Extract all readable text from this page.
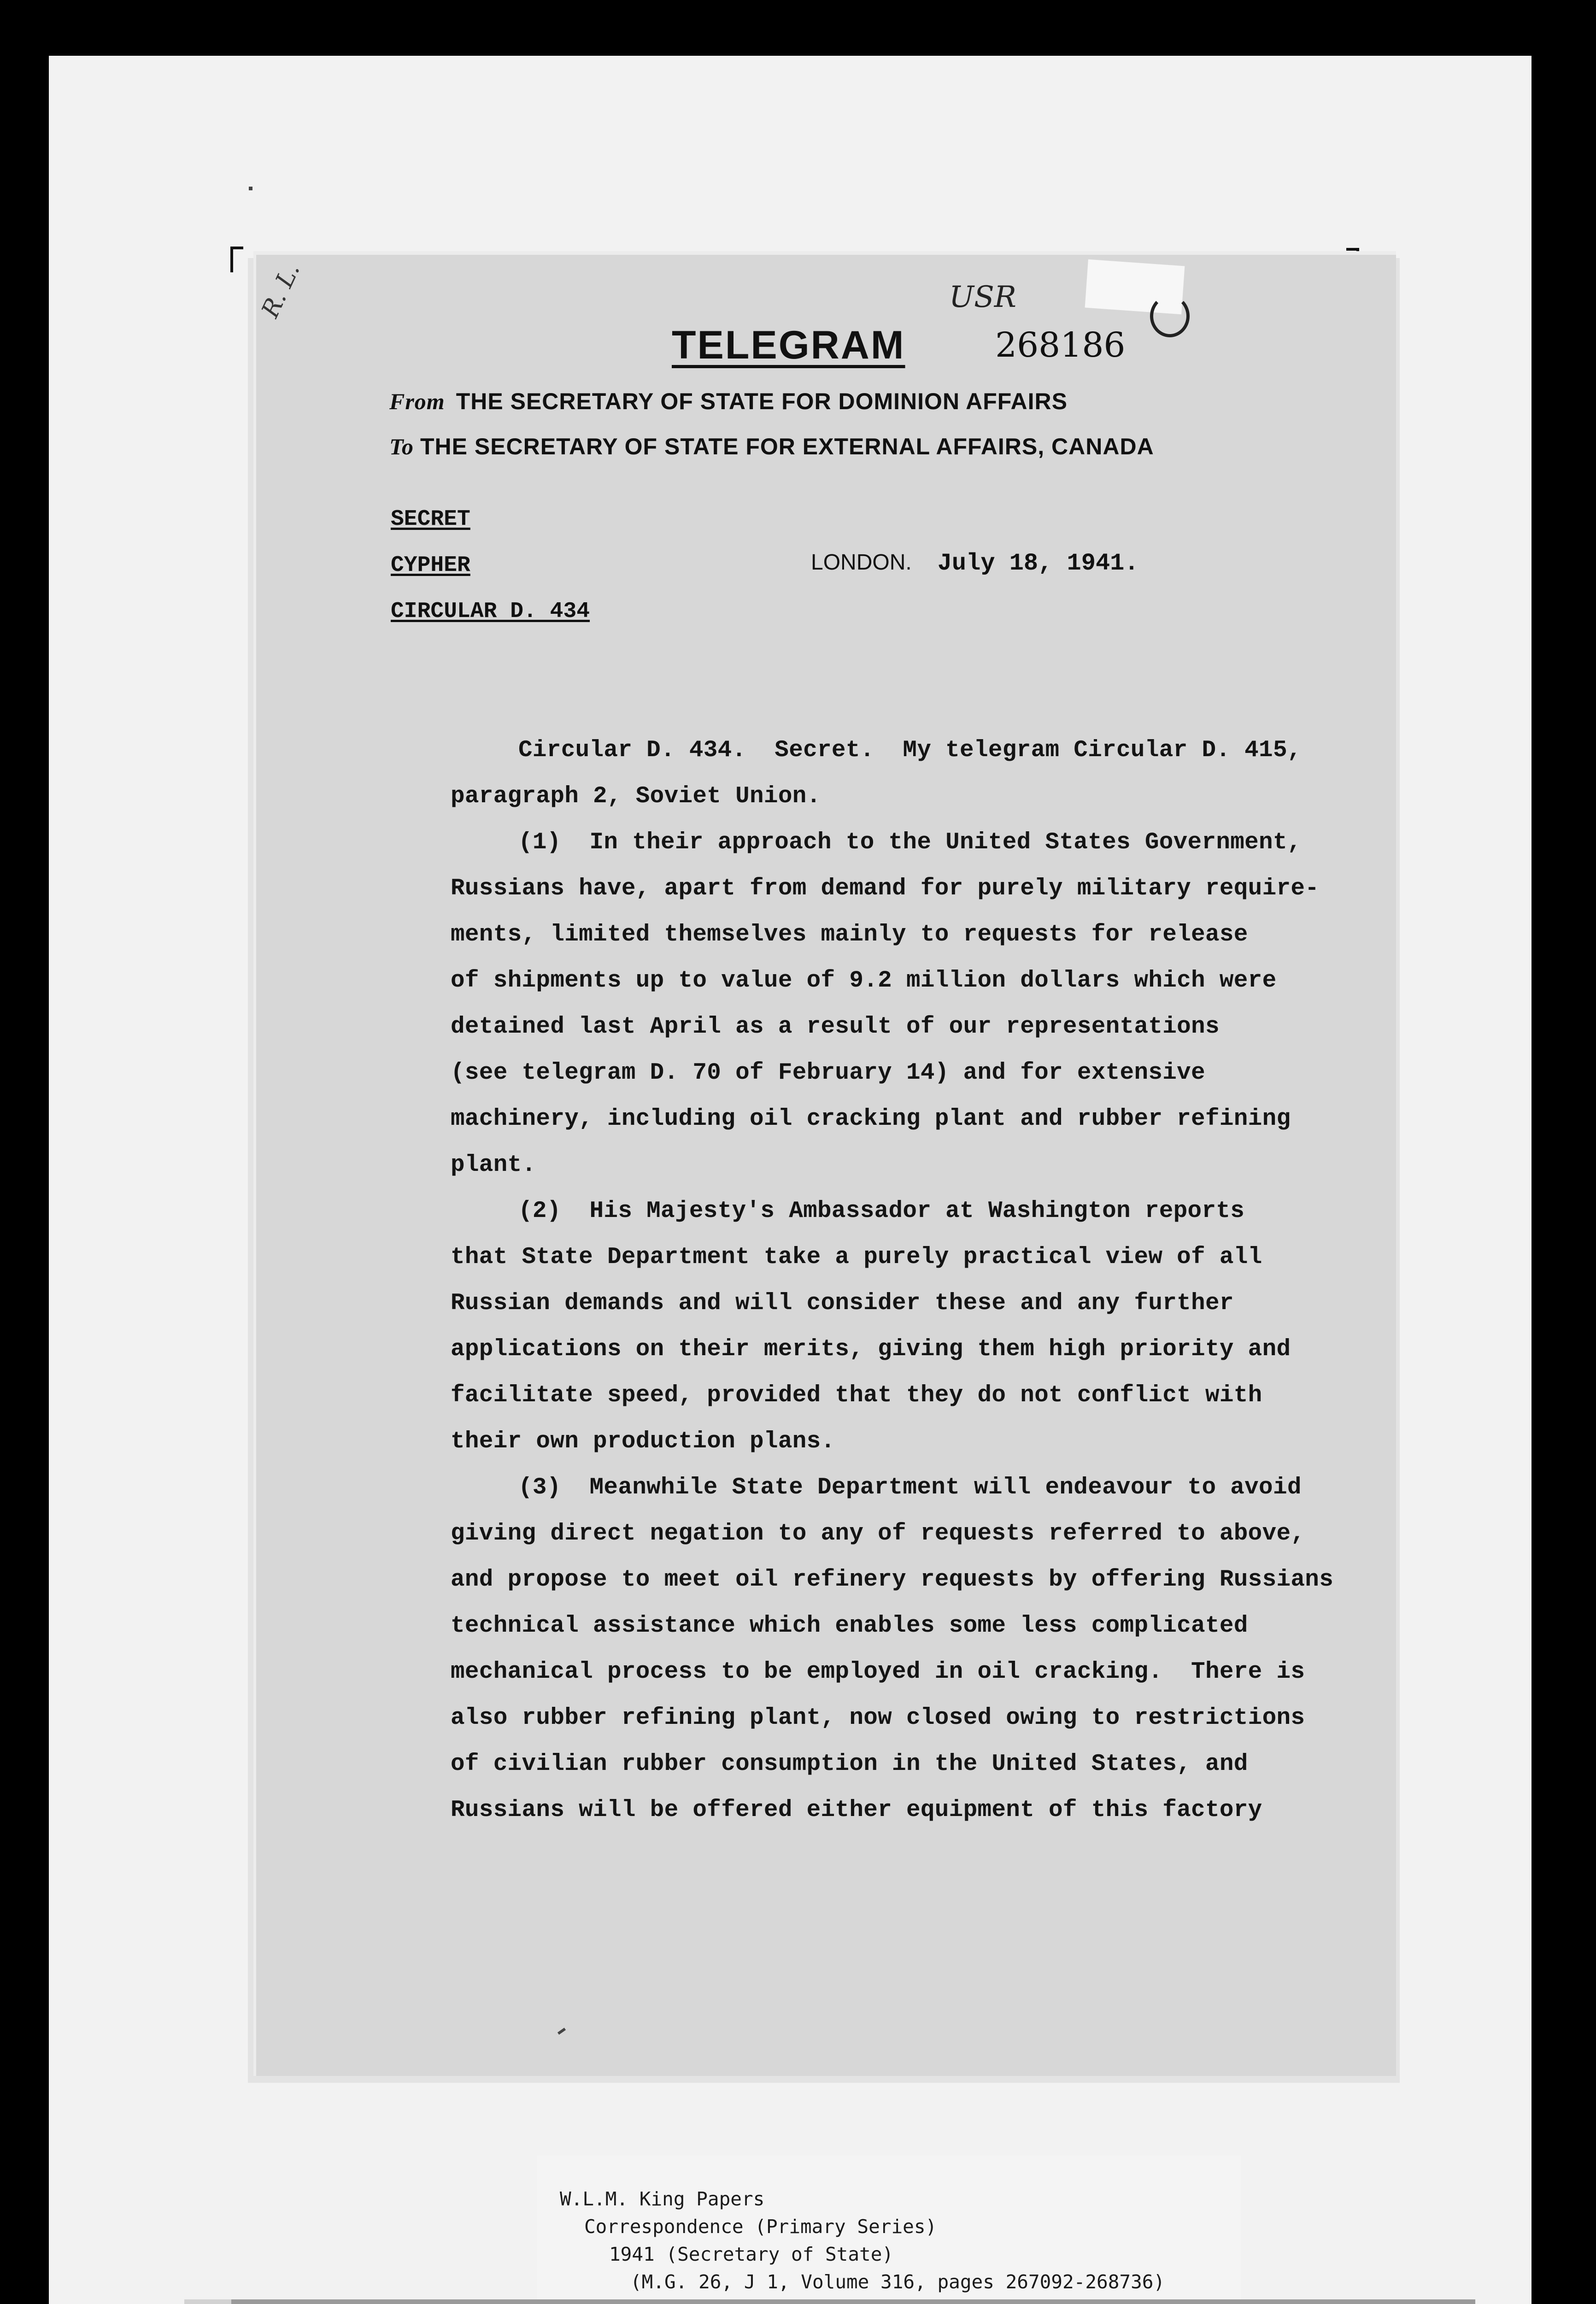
R. L.	USR
TELEGRAM	268186
From THE SECRETARY OF STATE FOR DOMINION AFFAIRS
To THE SECRETARY OF STATE FOR EXTERNAL AFFAIRS, CANADA
SECRET
CYPHER
CIRCULAR D. 434
LONDON. July 18, 1941.
Circular D. 434.  Secret.  My telegram Circular D. 415,
paragraph 2, Soviet Union.
(1)  In their approach to the United States Government,
Russians have, apart from demand for purely military require-
ments, limited themselves mainly to requests for release
of shipments up to value of 9.2 million dollars which were
detained last April as a result of our representations
(see telegram D. 70 of February 14) and for extensive
machinery, including oil cracking plant and rubber refining
plant.
(2)  His Majesty's Ambassador at Washington reports
that State Department take a purely practical view of all
Russian demands and will consider these and any further
applications on their merits, giving them high priority and
facilitate speed, provided that they do not conflict with
their own production plans.
(3)  Meanwhile State Department will endeavour to avoid
giving direct negation to any of requests referred to above,
and propose to meet oil refinery requests by offering Russians
technical assistance which enables some less complicated
mechanical process to be employed in oil cracking.  There is
also rubber refining plant, now closed owing to restrictions
of civilian rubber consumption in the United States, and
Russians will be offered either equipment of this factory
W.L.M. King Papers
Correspondence (Primary Series)
1941 (Secretary of State)
(M.G. 26, J 1, Volume 316, pages 267092-268736)
